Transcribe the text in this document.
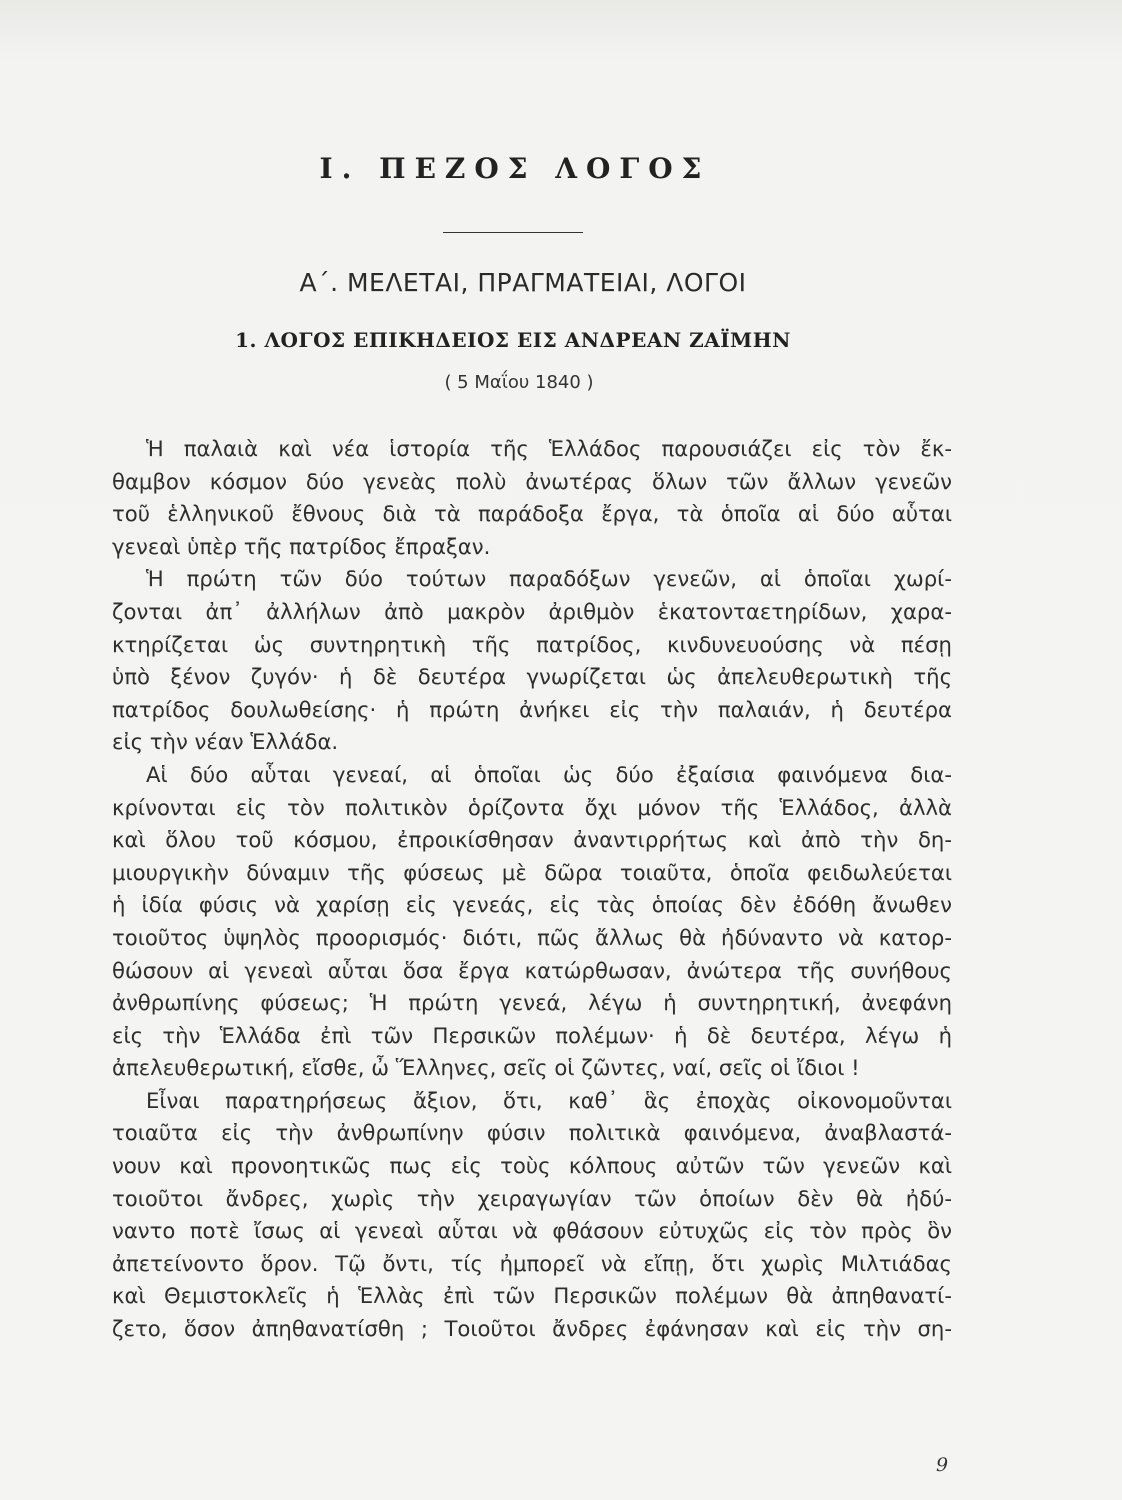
I. ΠΕΖΟΣ ΛΟΓΟΣ
Α΄. ΜΕΛΕΤΑΙ, ΠΡΑΓΜΑΤΕΙΑΙ, ΛΟΓΟΙ
1. ΛΟΓΟΣ ΕΠΙΚΗΔΕΙΟΣ ΕΙΣ ΑΝΔΡΕΑΝ ΖΑΪΜΗΝ
( 5 Μαΐου 1840 )
Ἡ παλαιὰ καὶ νέα ἱστορία τῆς Ἑλλάδος παρουσιάζει εἰς τὸν ἔκ-
θαμβον κόσμον δύο γενεὰς πολὺ ἀνωτέρας ὅλων τῶν ἄλλων γενεῶν
τοῦ ἑλληνικοῦ ἔθνους διὰ τὰ παράδοξα ἔργα, τὰ ὁποῖα αἱ δύο αὗται
γενεαὶ ὑπὲρ τῆς πατρίδος ἔπραξαν.
Ἡ πρώτη τῶν δύο τούτων παραδόξων γενεῶν, αἱ ὁποῖαι χωρί-
ζονται ἀπ᾽ ἀλλήλων ἀπὸ μακρὸν ἀριθμὸν ἑκατονταετηρίδων, χαρα-
κτηρίζεται ὡς συντηρητικὴ τῆς πατρίδος, κινδυνευούσης νὰ πέσῃ
ὑπὸ ξένον ζυγόν· ἡ δὲ δευτέρα γνωρίζεται ὡς ἀπελευθερωτικὴ τῆς
πατρίδος δουλωθείσης· ἡ πρώτη ἀνήκει εἰς τὴν παλαιάν, ἡ δευτέρα
εἰς τὴν νέαν Ἑλλάδα.
Αἱ δύο αὗται γενεαί, αἱ ὁποῖαι ὡς δύο ἐξαίσια φαινόμενα δια-
κρίνονται εἰς τὸν πολιτικὸν ὁρίζοντα ὄχι μόνον τῆς Ἑλλάδος, ἀλλὰ
καὶ ὅλου τοῦ κόσμου, ἐπροικίσθησαν ἀναντιρρήτως καὶ ἀπὸ τὴν δη-
μιουργικὴν δύναμιν τῆς φύσεως μὲ δῶρα τοιαῦτα, ὁποῖα φειδωλεύεται
ἡ ἰδία φύσις νὰ χαρίσῃ εἰς γενεάς, εἰς τὰς ὁποίας δὲν ἐδόθη ἄνωθεν
τοιοῦτος ὑψηλὸς προορισμός· διότι, πῶς ἄλλως θὰ ἠδύναντο νὰ κατορ-
θώσουν αἱ γενεαὶ αὗται ὅσα ἔργα κατώρθωσαν, ἀνώτερα τῆς συνήθους
ἀνθρωπίνης φύσεως; Ἡ πρώτη γενεά, λέγω ἡ συντηρητική, ἀνεφάνη
εἰς τὴν Ἑλλάδα ἐπὶ τῶν Περσικῶν πολέμων· ἡ δὲ δευτέρα, λέγω ἡ
ἀπελευθερωτική, εἴσθε, ὦ Ἕλληνες, σεῖς οἱ ζῶντες, ναί, σεῖς οἱ ἴδιοι !
Εἶναι παρατηρήσεως ἄξιον, ὅτι, καθ᾽ ἃς ἐποχὰς οἰκονομοῦνται
τοιαῦτα εἰς τὴν ἀνθρωπίνην φύσιν πολιτικὰ φαινόμενα, ἀναβλαστά-
νουν καὶ προνοητικῶς πως εἰς τοὺς κόλπους αὐτῶν τῶν γενεῶν καὶ
τοιοῦτοι ἄνδρες, χωρὶς τὴν χειραγωγίαν τῶν ὁποίων δὲν θὰ ἠδύ-
ναντο ποτὲ ἴσως αἱ γενεαὶ αὗται νὰ φθάσουν εὐτυχῶς εἰς τὸν πρὸς ὃν
ἀπετείνοντο ὅρον. Τῷ ὄντι, τίς ἠμπορεῖ νὰ εἴπῃ, ὅτι χωρὶς Μιλτιάδας
καὶ Θεμιστοκλεῖς ἡ Ἑλλὰς ἐπὶ τῶν Περσικῶν πολέμων θὰ ἀπηθανατί-
ζετο, ὅσον ἀπηθανατίσθη ; Τοιοῦτοι ἄνδρες ἐφάνησαν καὶ εἰς τὴν ση-
9
